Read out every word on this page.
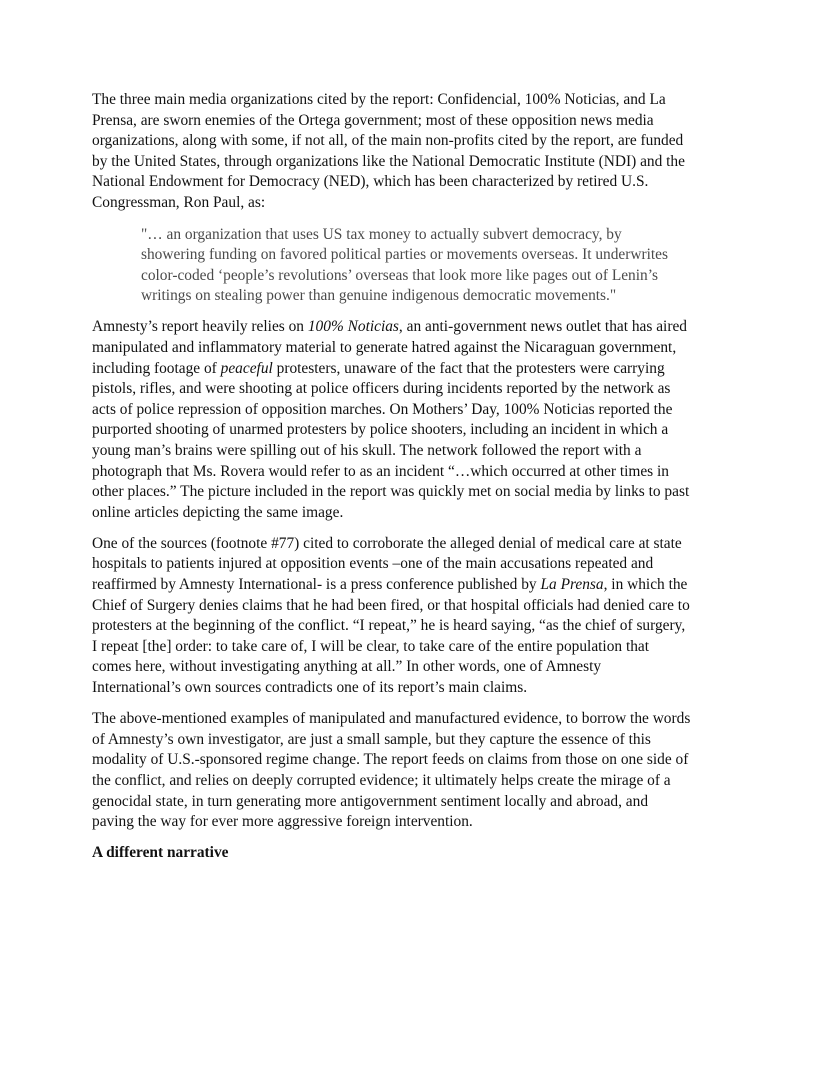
The three main media organizations cited by the report: Confidencial, 100% Noticias, and La Prensa, are sworn enemies of the Ortega government; most of these opposition news media organizations, along with some, if not all, of the main non-profits cited by the report, are funded by the United States, through organizations like the National Democratic Institute (NDI) and the National Endowment for Democracy (NED), which has been characterized by retired U.S. Congressman, Ron Paul, as:

"… an organization that uses US tax money to actually subvert democracy, by showering funding on favored political parties or movements overseas. It underwrites color-coded ‘people’s revolutions’ overseas that look more like pages out of Lenin’s writings on stealing power than genuine indigenous democratic movements."

Amnesty’s report heavily relies on 100% Noticias, an anti-government news outlet that has aired manipulated and inflammatory material to generate hatred against the Nicaraguan government, including footage of peaceful protesters, unaware of the fact that the protesters were carrying pistols, rifles, and were shooting at police officers during incidents reported by the network as acts of police repression of opposition marches. On Mothers’ Day, 100% Noticias reported the purported shooting of unarmed protesters by police shooters, including an incident in which a young man’s brains were spilling out of his skull. The network followed the report with a photograph that Ms. Rovera would refer to as an incident “…which occurred at other times in other places.” The picture included in the report was quickly met on social media by links to past online articles depicting the same image.

One of the sources (footnote #77) cited to corroborate the alleged denial of medical care at state hospitals to patients injured at opposition events –one of the main accusations repeated and reaffirmed by Amnesty International- is a press conference published by La Prensa, in which the Chief of Surgery denies claims that he had been fired, or that hospital officials had denied care to protesters at the beginning of the conflict. “I repeat,” he is heard saying, “as the chief of surgery, I repeat [the] order: to take care of, I will be clear, to take care of the entire population that comes here, without investigating anything at all.” In other words, one of Amnesty International’s own sources contradicts one of its report’s main claims.

The above-mentioned examples of manipulated and manufactured evidence, to borrow the words of Amnesty’s own investigator, are just a small sample, but they capture the essence of this modality of U.S.-sponsored regime change. The report feeds on claims from those on one side of the conflict, and relies on deeply corrupted evidence; it ultimately helps create the mirage of a genocidal state, in turn generating more antigovernment sentiment locally and abroad, and paving the way for ever more aggressive foreign intervention.

A different narrative
